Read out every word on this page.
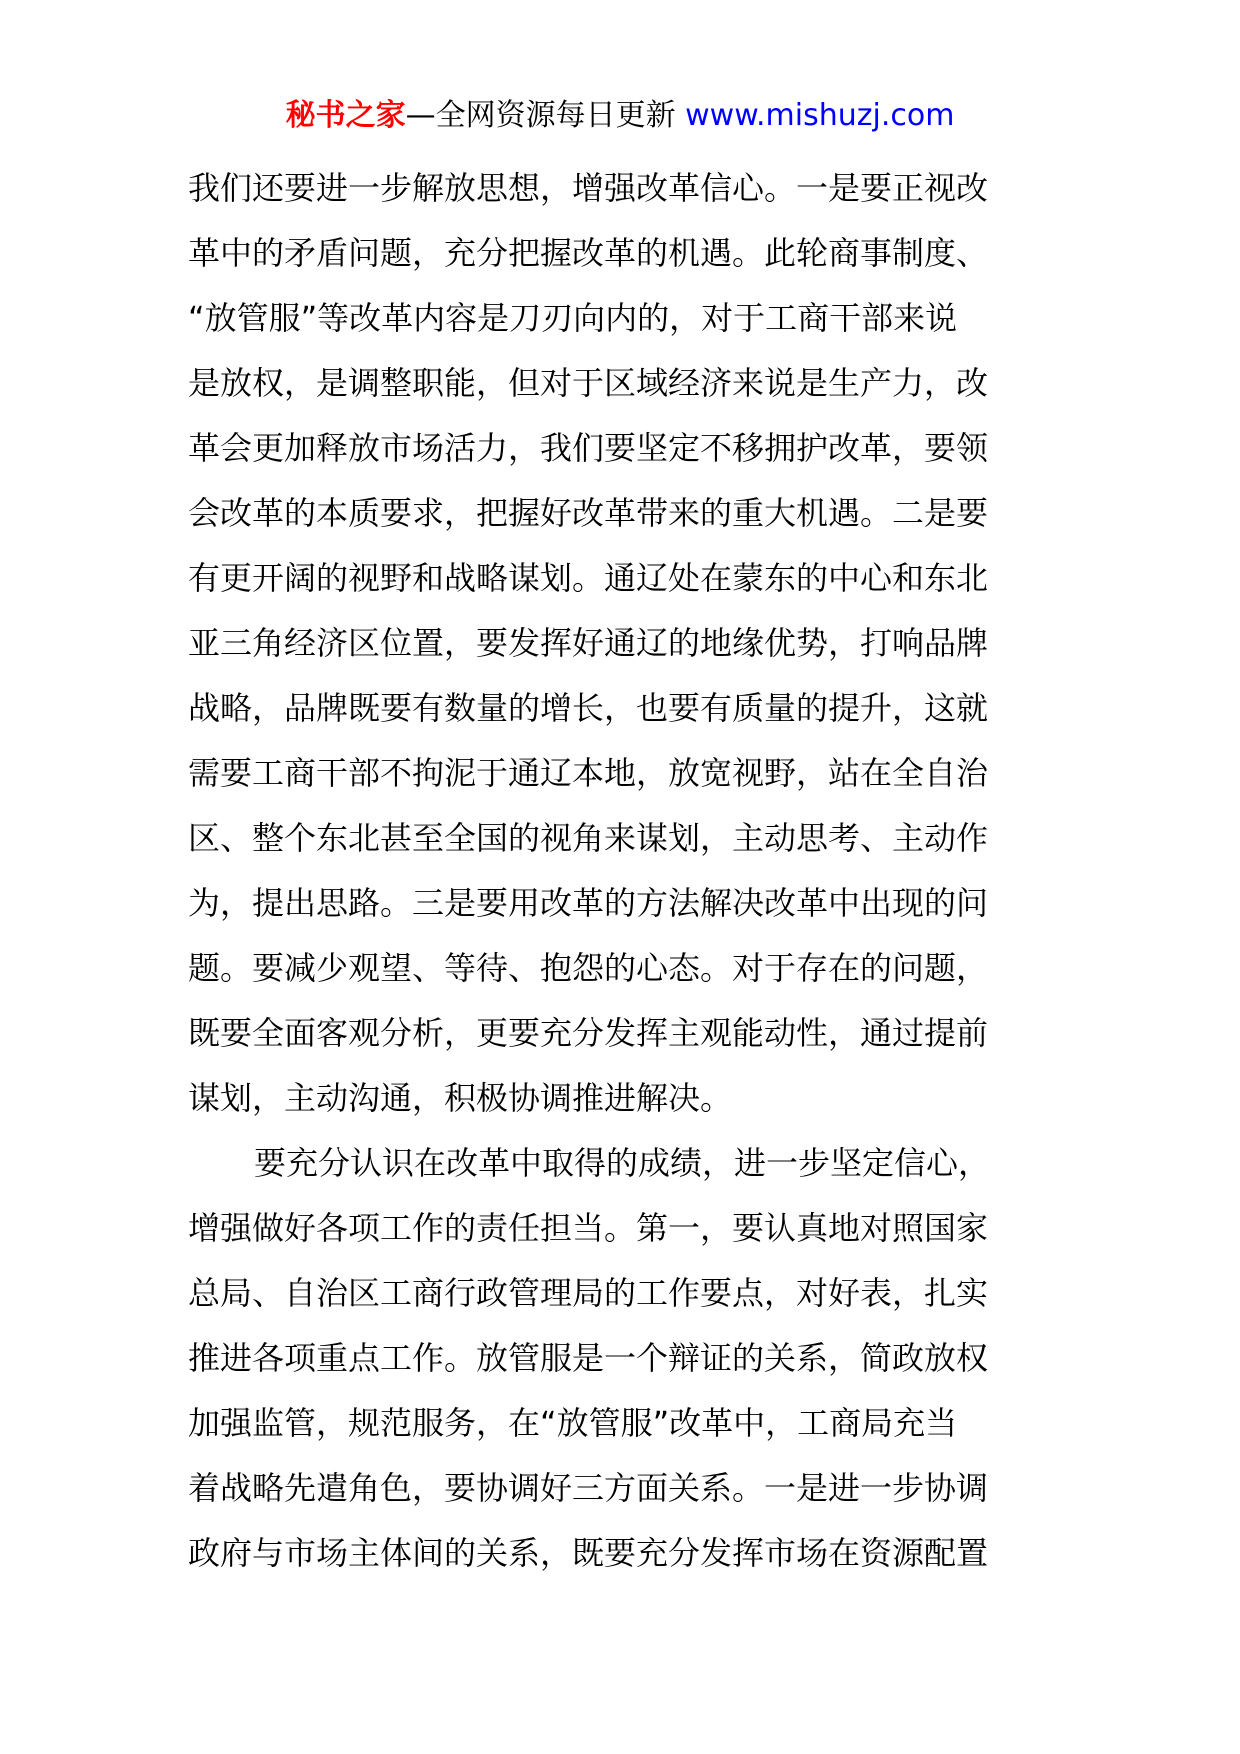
秘书之家—全网资源每日更新 www.mishuzj.com
我们还要进一步解放思想，增强改革信心。一是要正视改
革中的矛盾问题，充分把握改革的机遇。此轮商事制度、
“放管服”等改革内容是刀刃向内的，对于工商干部来说
是放权，是调整职能，但对于区域经济来说是生产力，改
革会更加释放市场活力，我们要坚定不移拥护改革，要领
会改革的本质要求，把握好改革带来的重大机遇。二是要
有更开阔的视野和战略谋划。通辽处在蒙东的中心和东北
亚三角经济区位置，要发挥好通辽的地缘优势，打响品牌
战略，品牌既要有数量的增长，也要有质量的提升，这就
需要工商干部不拘泥于通辽本地，放宽视野，站在全自治
区、整个东北甚至全国的视角来谋划，主动思考、主动作
为，提出思路。三是要用改革的方法解决改革中出现的问
题。要减少观望、等待、抱怨的心态。对于存在的问题，
既要全面客观分析，更要充分发挥主观能动性，通过提前
谋划，主动沟通，积极协调推进解决。
要充分认识在改革中取得的成绩，进一步坚定信心，
增强做好各项工作的责任担当。第一，要认真地对照国家
总局、自治区工商行政管理局的工作要点，对好表，扎实
推进各项重点工作。放管服是一个辩证的关系，简政放权
加强监管，规范服务，在“放管服”改革中，工商局充当
着战略先遣角色，要协调好三方面关系。一是进一步协调
政府与市场主体间的关系，既要充分发挥市场在资源配置
